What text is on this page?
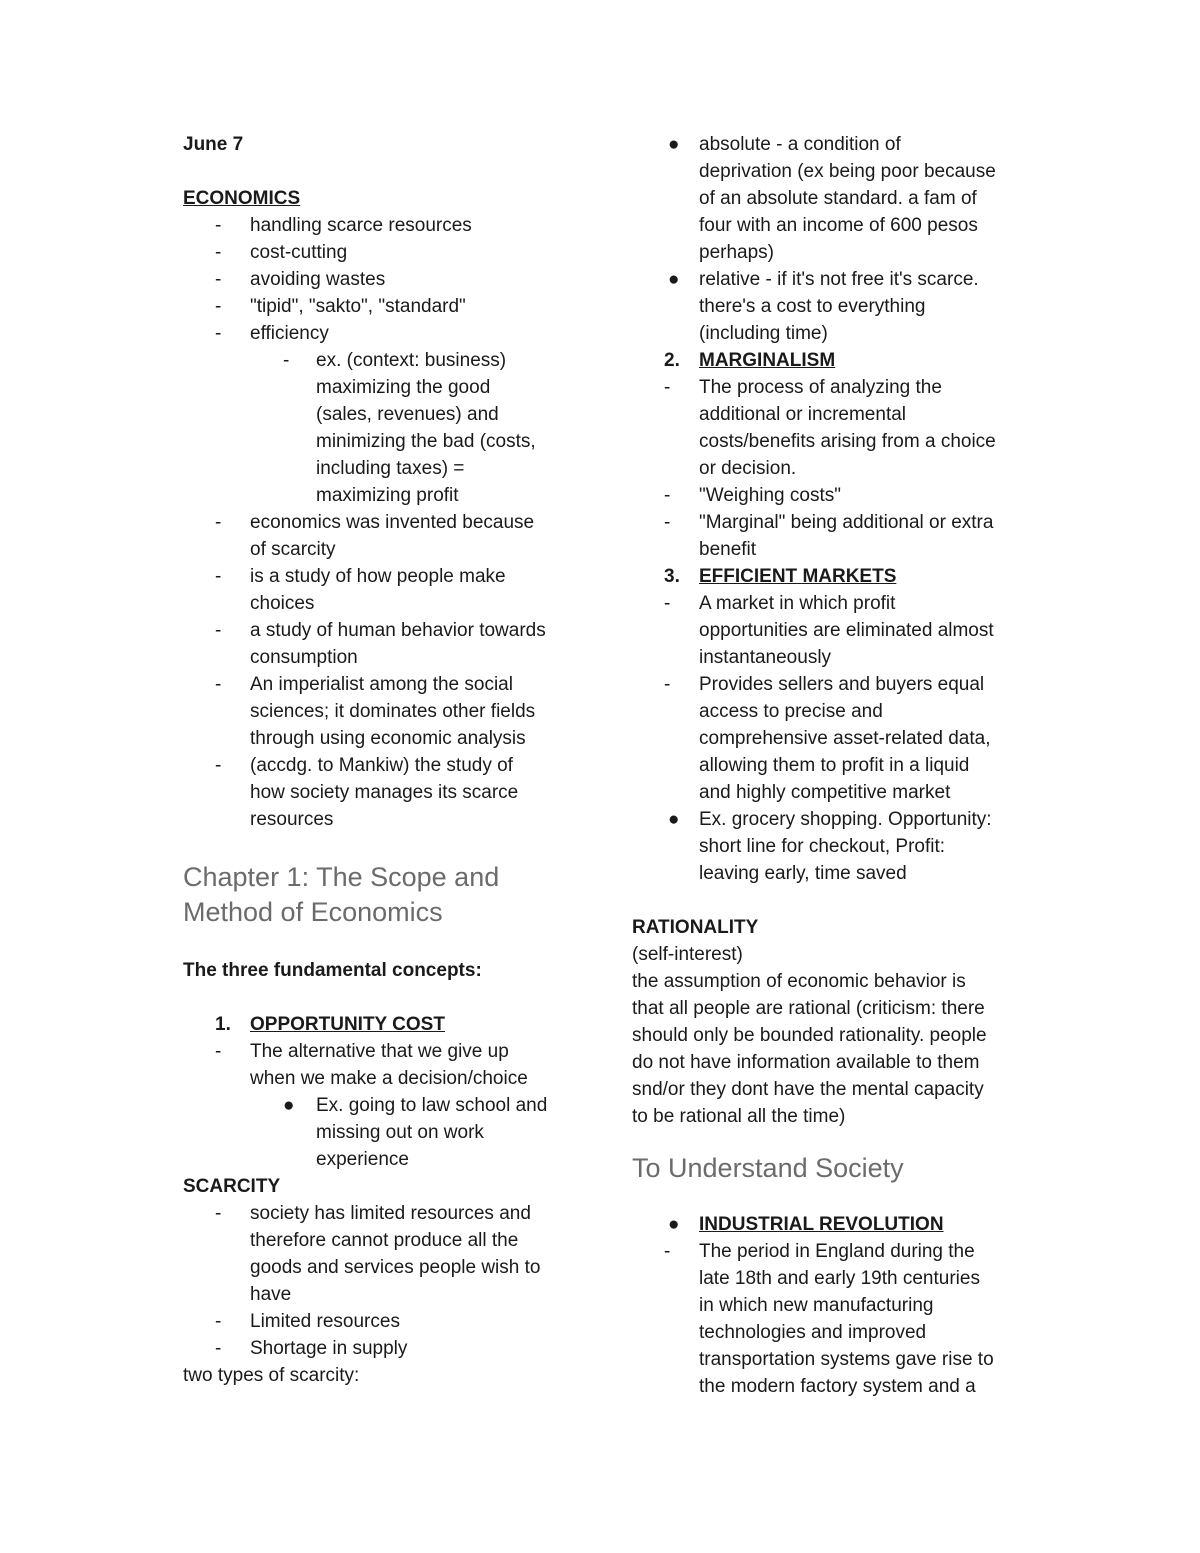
June 7
ECONOMICS
- handling scarce resources
- cost-cutting
- avoiding wastes
- "tipid", "sakto", "standard"
- efficiency
- ex. (context: business)
maximizing the good
(sales, revenues) and
minimizing the bad (costs,
including taxes) =
maximizing profit
- economics was invented because
of scarcity
- is a study of how people make
choices
- a study of human behavior towards
consumption
- An imperialist among the social
sciences; it dominates other fields
through using economic analysis
- (accdg. to Mankiw) the study of
how society manages its scarce
resources
Chapter 1: The Scope and
Method of Economics
The three fundamental concepts:
1. OPPORTUNITY COST
- The alternative that we give up
when we make a decision/choice
● Ex. going to law school and
missing out on work
experience
SCARCITY
- society has limited resources and
therefore cannot produce all the
goods and services people wish to
have
- Limited resources
- Shortage in supply
two types of scarcity:
● absolute - a condition of
deprivation (ex being poor because
of an absolute standard. a fam of
four with an income of 600 pesos
perhaps)
● relative - if it's not free it's scarce.
there's a cost to everything
(including time)
2. MARGINALISM
- The process of analyzing the
additional or incremental
costs/benefits arising from a choice
or decision.
- "Weighing costs"
- "Marginal" being additional or extra
benefit
3. EFFICIENT MARKETS
- A market in which profit
opportunities are eliminated almost
instantaneously
- Provides sellers and buyers equal
access to precise and
comprehensive asset-related data,
allowing them to profit in a liquid
and highly competitive market
● Ex. grocery shopping. Opportunity:
short line for checkout, Profit:
leaving early, time saved
RATIONALITY
(self-interest)
the assumption of economic behavior is
that all people are rational (criticism: there
should only be bounded rationality. people
do not have information available to them
snd/or they dont have the mental capacity
to be rational all the time)
To Understand Society
● INDUSTRIAL REVOLUTION
- The period in England during the
late 18th and early 19th centuries
in which new manufacturing
technologies and improved
transportation systems gave rise to
the modern factory system and a
